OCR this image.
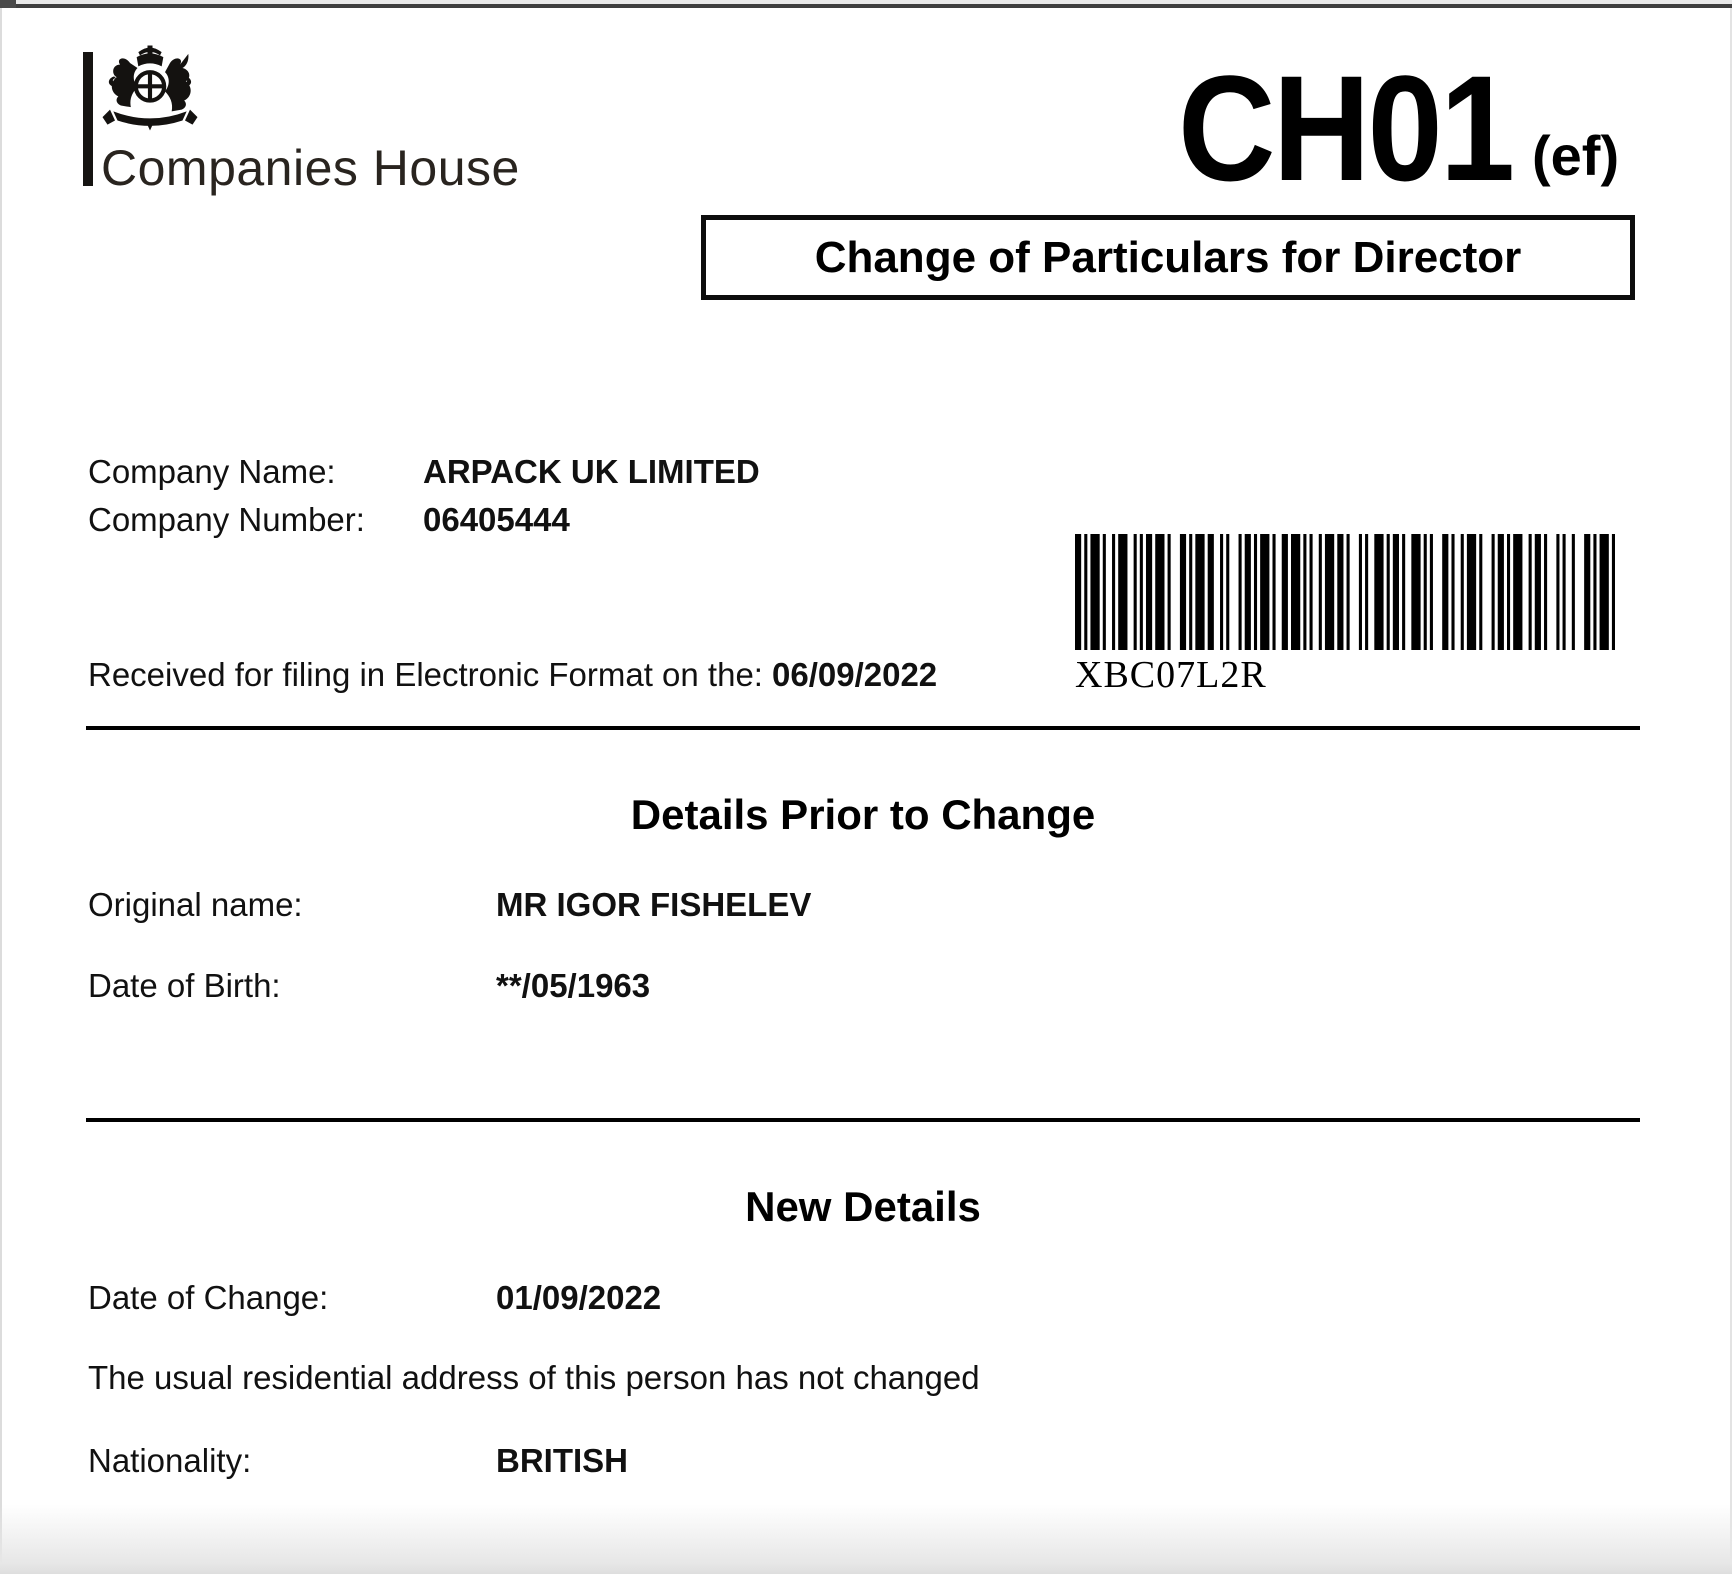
Companies House	CH01 (ef)
Change of Particulars for Director
Company Name:	ARPACK UK LIMITED
Company Number: 06405444
XBC07L2R
Received for filing in Electronic Format on the: 06/09/2022
Details Prior to Change
Original name:	MR IGOR FISHELEV
Date of Birth:	**/05/1963
New Details
Date of Change:	01/09/2022
The usual residential address of this person has not changed
Nationality:	BRITISH
